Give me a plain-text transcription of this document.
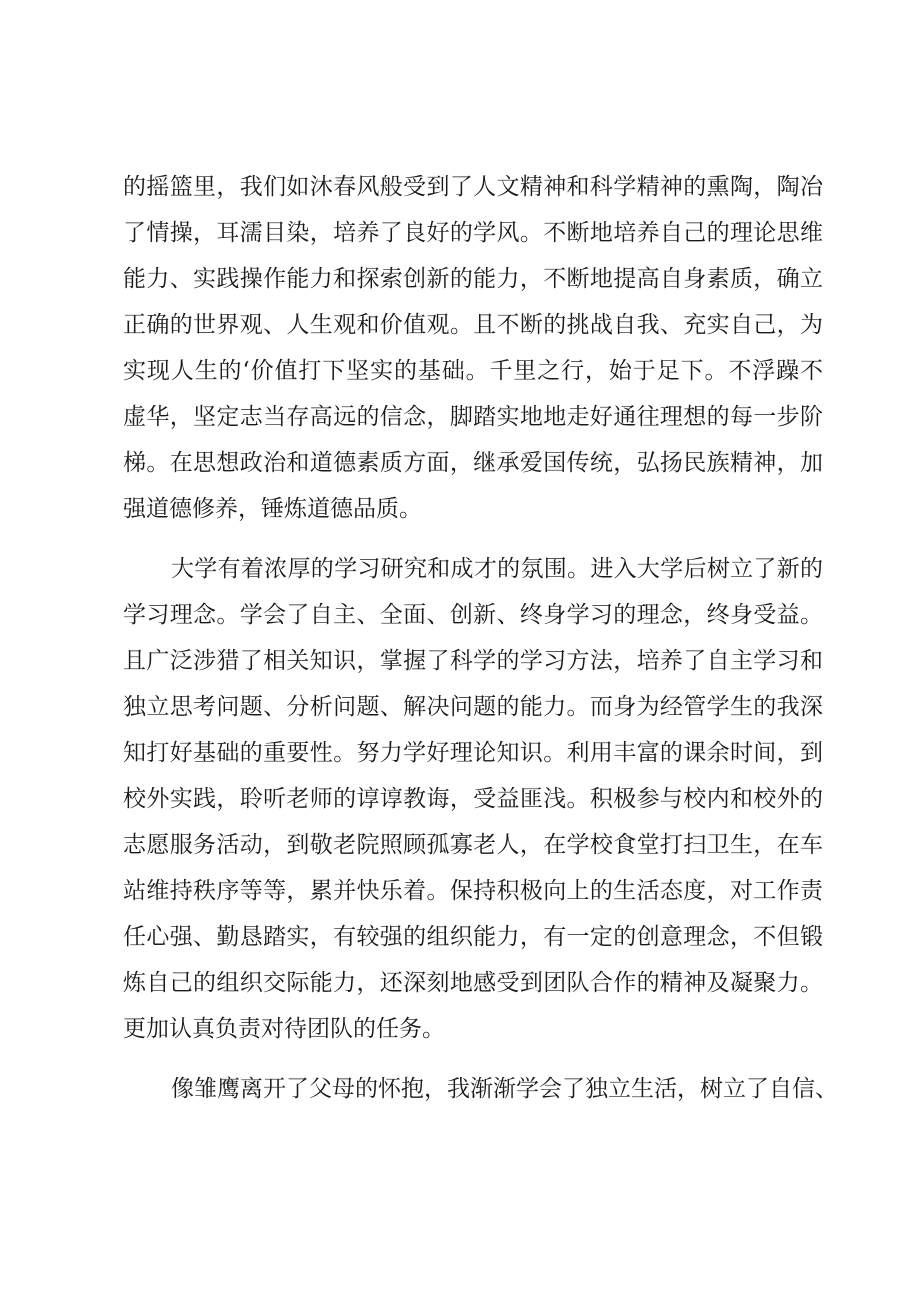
的摇篮里，我们如沐春风般受到了人文精神和科学精神的熏陶，陶冶
了情操，耳濡目染，培养了良好的学风。不断地培养自己的理论思维
能力、实践操作能力和探索创新的能力，不断地提高自身素质，确立
正确的世界观、人生观和价值观。且不断的挑战自我、充实自己，为
实现人生的‘价值打下坚实的基础。千里之行，始于足下。不浮躁不
虚华，坚定志当存高远的信念，脚踏实地地走好通往理想的每一步阶
梯。在思想政治和道德素质方面，继承爱国传统，弘扬民族精神，加
强道德修养，锤炼道德品质。
大学有着浓厚的学习研究和成才的氛围。进入大学后树立了新的
学习理念。学会了自主、全面、创新、终身学习的理念，终身受益。
且广泛涉猎了相关知识，掌握了科学的学习方法，培养了自主学习和
独立思考问题、分析问题、解决问题的能力。而身为经管学生的我深
知打好基础的重要性。努力学好理论知识。利用丰富的课余时间，到
校外实践，聆听老师的谆谆教诲，受益匪浅。积极参与校内和校外的
志愿服务活动，到敬老院照顾孤寡老人，在学校食堂打扫卫生，在车
站维持秩序等等，累并快乐着。保持积极向上的生活态度，对工作责
任心强、勤恳踏实，有较强的组织能力，有一定的创意理念，不但锻
炼自己的组织交际能力，还深刻地感受到团队合作的精神及凝聚力。
更加认真负责对待团队的任务。
像雏鹰离开了父母的怀抱，我渐渐学会了独立生活，树立了自信、
